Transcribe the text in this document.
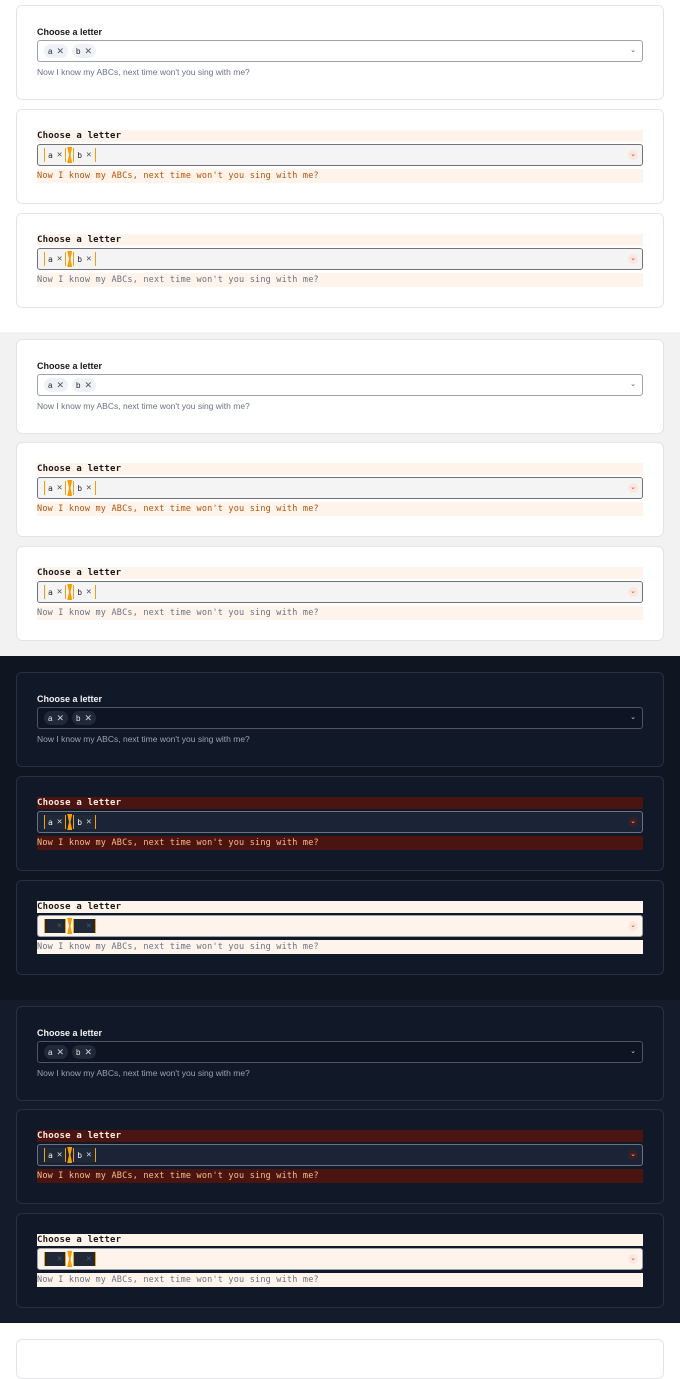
Choose a letter
a ✕ b ✕	⌄
Now I know my ABCs, next time won't you sing with me?
Choose a letter
a ✕ b ✕	⌄
Now I know my ABCs, next time won't you sing with me?
Choose a letter
a ✕ b ✕	⌄
Now I know my ABCs, next time won't you sing with me?
Choose a letter
a ✕ b ✕	⌄
Now I know my ABCs, next time won't you sing with me?
Choose a letter
a ✕ b ✕	⌄
Now I know my ABCs, next time won't you sing with me?
Choose a letter
a ✕ b ✕	⌄
Now I know my ABCs, next time won't you sing with me?
Choose a letter
a ✕ b ✕	⌄
Now I know my ABCs, next time won't you sing with me?
Choose a letter
a ✕ b ✕	⌄
Now I know my ABCs, next time won't you sing with me?
Choose a letter
a ✕ b ✕	⌄
Now I know my ABCs, next time won't you sing with me?
Choose a letter
a ✕ b ✕	⌄
Now I know my ABCs, next time won't you sing with me?
Choose a letter
a ✕ b ✕	⌄
Now I know my ABCs, next time won't you sing with me?
Choose a letter
a ✕ b ✕	⌄
Now I know my ABCs, next time won't you sing with me?
